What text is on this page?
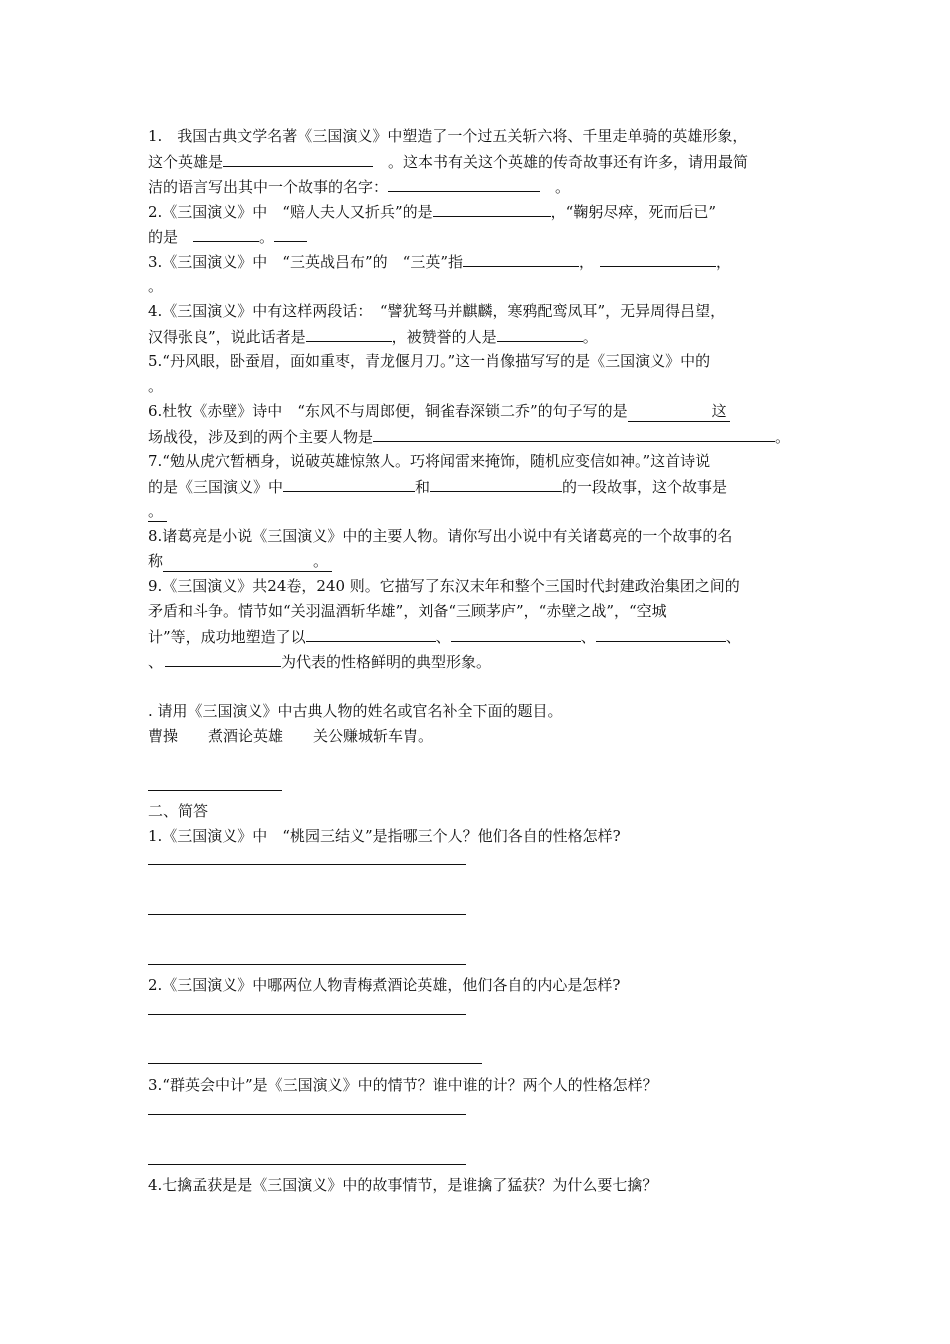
1.　我国古典文学名著《三国演义》中塑造了一个过五关斩六将、千里走单骑的英雄形象，
这个英雄是	　。这本书有关这个英雄的传奇故事还有许多，请用最简
洁的语言写出其中一个故事的名字：	　。
2.《三国演义》中　“赔人夫人又折兵”的是	，“鞠躬尽瘁，死而后已”
的是　	。
3.《三国演义》中　“三英战吕布”的　“三英”指	，	，
。
4.《三国演义》中有这样两段话：　“譬犹驽马并麒麟，寒鸦配鸾凤耳”，无异周得吕望，
汉得张良”，说此话者是	，被赞誉的人是	。
5.“丹风眼，卧蚕眉，面如重枣，青龙偃月刀。”这一肖像描写写的是《三国演义》中的
。
6.杜牧《赤壁》诗中　“东风不与周郎便，铜雀春深锁二乔”的句子写的是	这
场战役，涉及到的两个主要人物是	。
7.“勉从虎穴暂栖身，说破英雄惊煞人。巧将闻雷来掩饰，随机应变信如神。”这首诗说
的是《三国演义》中	和	的一段故事，这个故事是
。
8.诸葛亮是小说《三国演义》中的主要人物。请你写出小说中有关诸葛亮的一个故事的名
称	。
9.《三国演义》共24卷，240 则。它描写了东汉末年和整个三国时代封建政治集团之间的
矛盾和斗争。情节如“关羽温酒斩华雄”，刘备“三顾茅庐”，“赤壁之战”，“空城
计”等，成功地塑造了以	、	、	、
、	为代表的性格鲜明的典型形象。
. 请用《三国演义》中古典人物的姓名或官名补全下面的题目。
曹操　　煮酒论英雄　　关公赚城斩车胄。
二、简答
1.《三国演义》中　“桃园三结义”是指哪三个人？他们各自的性格怎样?
2.《三国演义》中哪两位人物青梅煮酒论英雄，他们各自的内心是怎样?
3.“群英会中计”是《三国演义》中的情节？谁中谁的计？两个人的性格怎样？
4.七擒孟获是是《三国演义》中的故事情节，是谁擒了猛获？为什么要七擒？
